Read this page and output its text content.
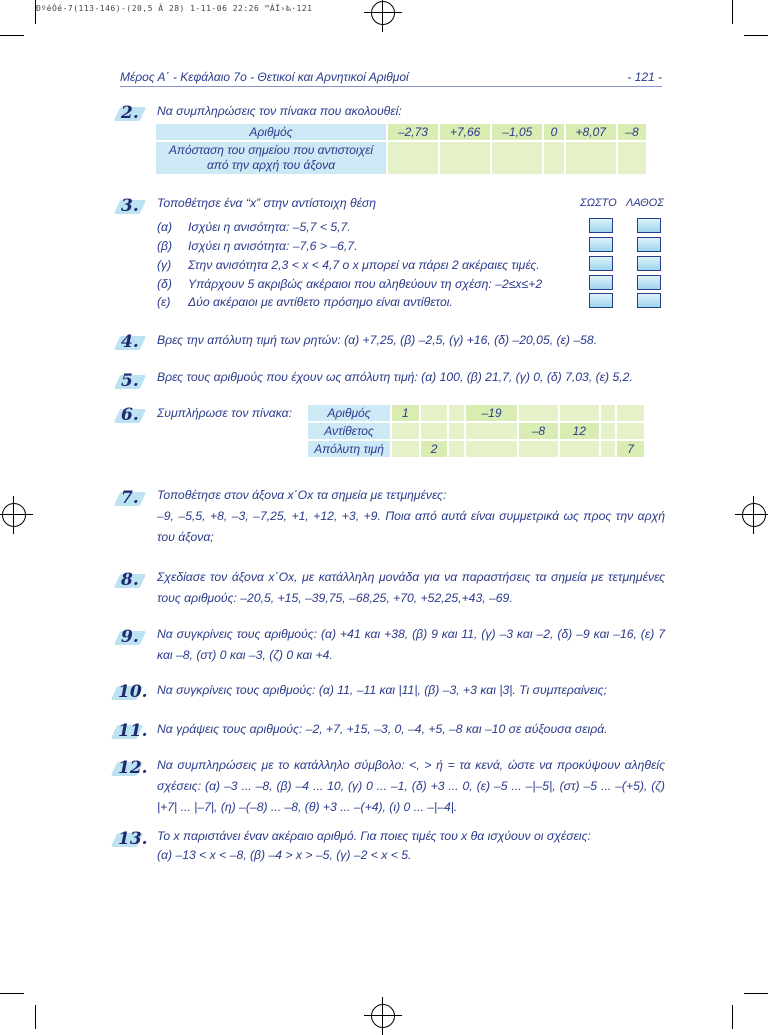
ÐºéÓé-7(113-146)-(20,5 Â 28) 1-11-06 22:26 ™ÁÏ›‰·121
Μέρος Α΄ - Κεφάλαιο 7ο - Θετικοί και Αρνητικοί Αριθμοί	- 121 -
2. Να συμπληρώσεις τον πίνακα που ακολουθεί:
Αριθμός	–2,73	+7,66	–1,05	0	+8,07	–8
Απόσταση του σημείου που αντιστοιχεί
από την αρχή του άξονα						
3. Τοποθέτησε ένα “x” στην αντίστοιχη θέση	ΣΩΣΤΟ ΛΑΘΟΣ
(α) Ισχύει η ανισότητα: –5,7 < 5,7.
(β) Ισχύει η ανισότητα: –7,6 > –6,7.
(γ) Στην ανισότητα 2,3 < x < 4,7 ο x μπορεί να πάρει 2 ακέραιες τιμές.
(δ) Υπάρχουν 5 ακριβώς ακέραιοι που αληθεύουν τη σχέση: –2≤x≤+2
(ε) Δύο ακέραιοι με αντίθετο πρόσημο είναι αντίθετοι.
4. Βρες την απόλυτη τιμή των ρητών: (α) +7,25, (β) –2,5, (γ) +16, (δ) –20,05, (ε) –58.
5. Βρες τους αριθμούς που έχουν ως απόλυτη τιμή: (α) 100, (β) 21,7, (γ) 0, (δ) 7,03, (ε) 5,2.
6. Συμπλήρωσε τον πίνακα:	Αριθμός	1			–19				
Αντίθετος					–8	12		
Απόλυτη τιμή		2						7
7. Τοποθέτησε στον άξονα x΄Ox τα σημεία με τετμημένες:
–9, –5,5, +8, –3, –7,25, +1, +12, +3, +9. Ποια από αυτά είναι συμμετρικά ως προς την αρχή του άξονα;
8. Σχεδίασε τον άξονα x΄Ox, με κατάλληλη μονάδα για να παραστήσεις τα σημεία με τετμημένες τους αριθμούς: –20,5, +15, –39,75, –68,25, +70, +52,25,+43, –69.
9. Να συγκρίνεις τους αριθμούς: (α) +41 και +38, (β) 9 και 11, (γ) –3 και –2, (δ) –9 και –16, (ε) 7 και –8, (στ) 0 και –3, (ζ) 0 και +4.
10. Να συγκρίνεις τους αριθμούς: (α) 11, –11 και |11|, (β) –3, +3 και |3|. Τι συμπεραίνεις;
11. Να γράψεις τους αριθμούς: –2, +7, +15, –3, 0, –4, +5, –8 και –10 σε αύξουσα σειρά.
12. Να συμπληρώσεις με το κατάλληλο σύμβολο: <, > ή = τα κενά, ώστε να προκύψουν αληθείς σχέσεις: (α) –3 ... –8, (β) –4 ... 10, (γ) 0 ... –1, (δ) +3 ... 0, (ε) –5 ... –|–5|, (στ) –5 ... –(+5), (ζ) |+7| ... |–7|, (η) –(–8) ... –8, (θ) +3 ... –(+4), (ι) 0 ... –|–4|.
13. Το x παριστάνει έναν ακέραιο αριθμό. Για ποιες τιμές του x θα ισχύουν οι σχέσεις:
(α) –13 < x < –8, (β) –4 > x > –5, (γ) –2 < x < 5.
